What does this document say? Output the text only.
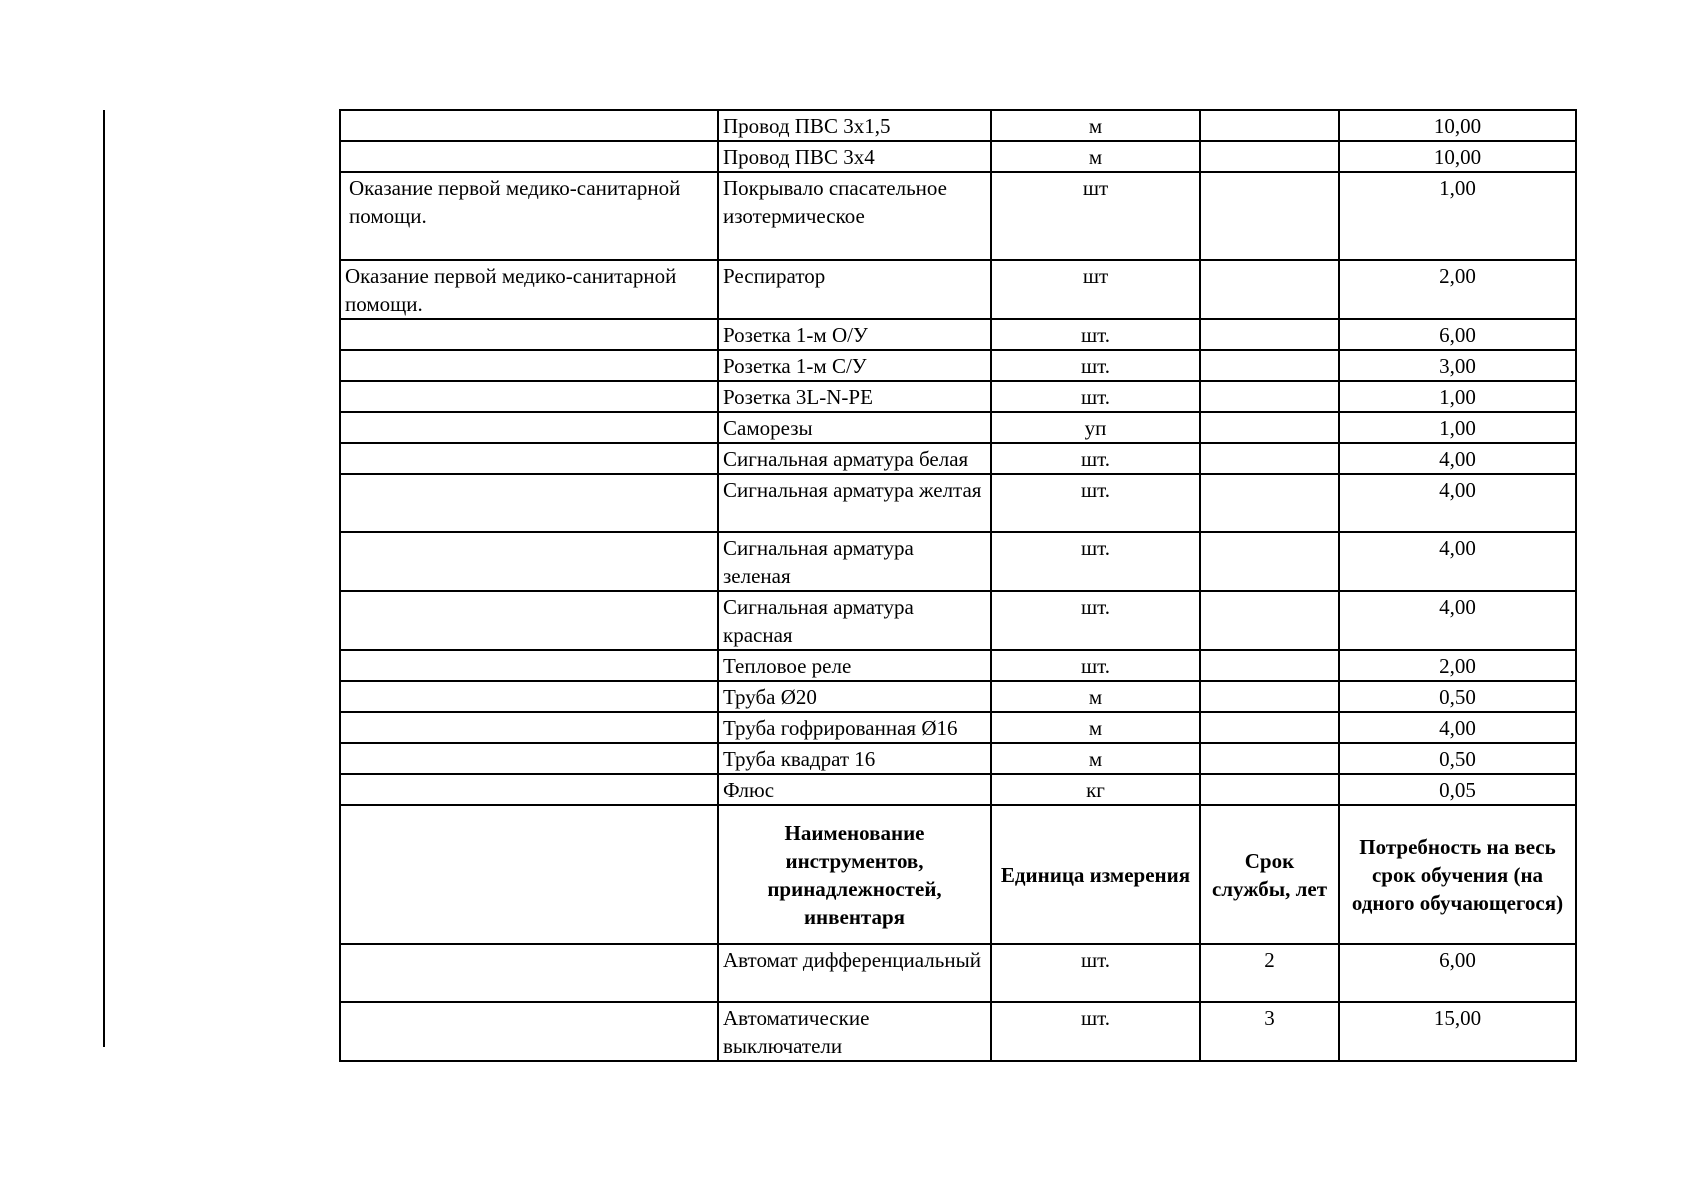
	Провод ПВС 3х1,5	м		10,00
	Провод ПВС 3х4	м		10,00
Оказание первой медико-санитарной помощи.	Покрывало спасательное изотермическое	шт		1,00
Оказание первой медико-санитарной помощи.	Респиратор	шт		2,00
	Розетка 1-м О/У	шт.		6,00
	Розетка 1-м С/У	шт.		3,00
	Розетка 3L-N-PE	шт.		1,00
	Саморезы	уп		1,00
	Сигнальная арматура белая	шт.		4,00
	Сигнальная арматура желтая	шт.		4,00
	Сигнальная арматура зеленая	шт.		4,00
	Сигнальная арматура красная	шт.		4,00
	Тепловое реле	шт.		2,00
	Труба Ø20	м		0,50
	Труба гофрированная Ø16	м		4,00
	Труба квадрат 16	м		0,50
	Флюс	кг		0,05
	Наименование инструментов, принадлежностей, инвентаря	Единица измерения	Срок службы, лет	Потребность на весь срок обучения (на одного обучающегося)
	Автомат дифференциальный	шт.	2	6,00
	Автоматические выключатели	шт.	3	15,00
